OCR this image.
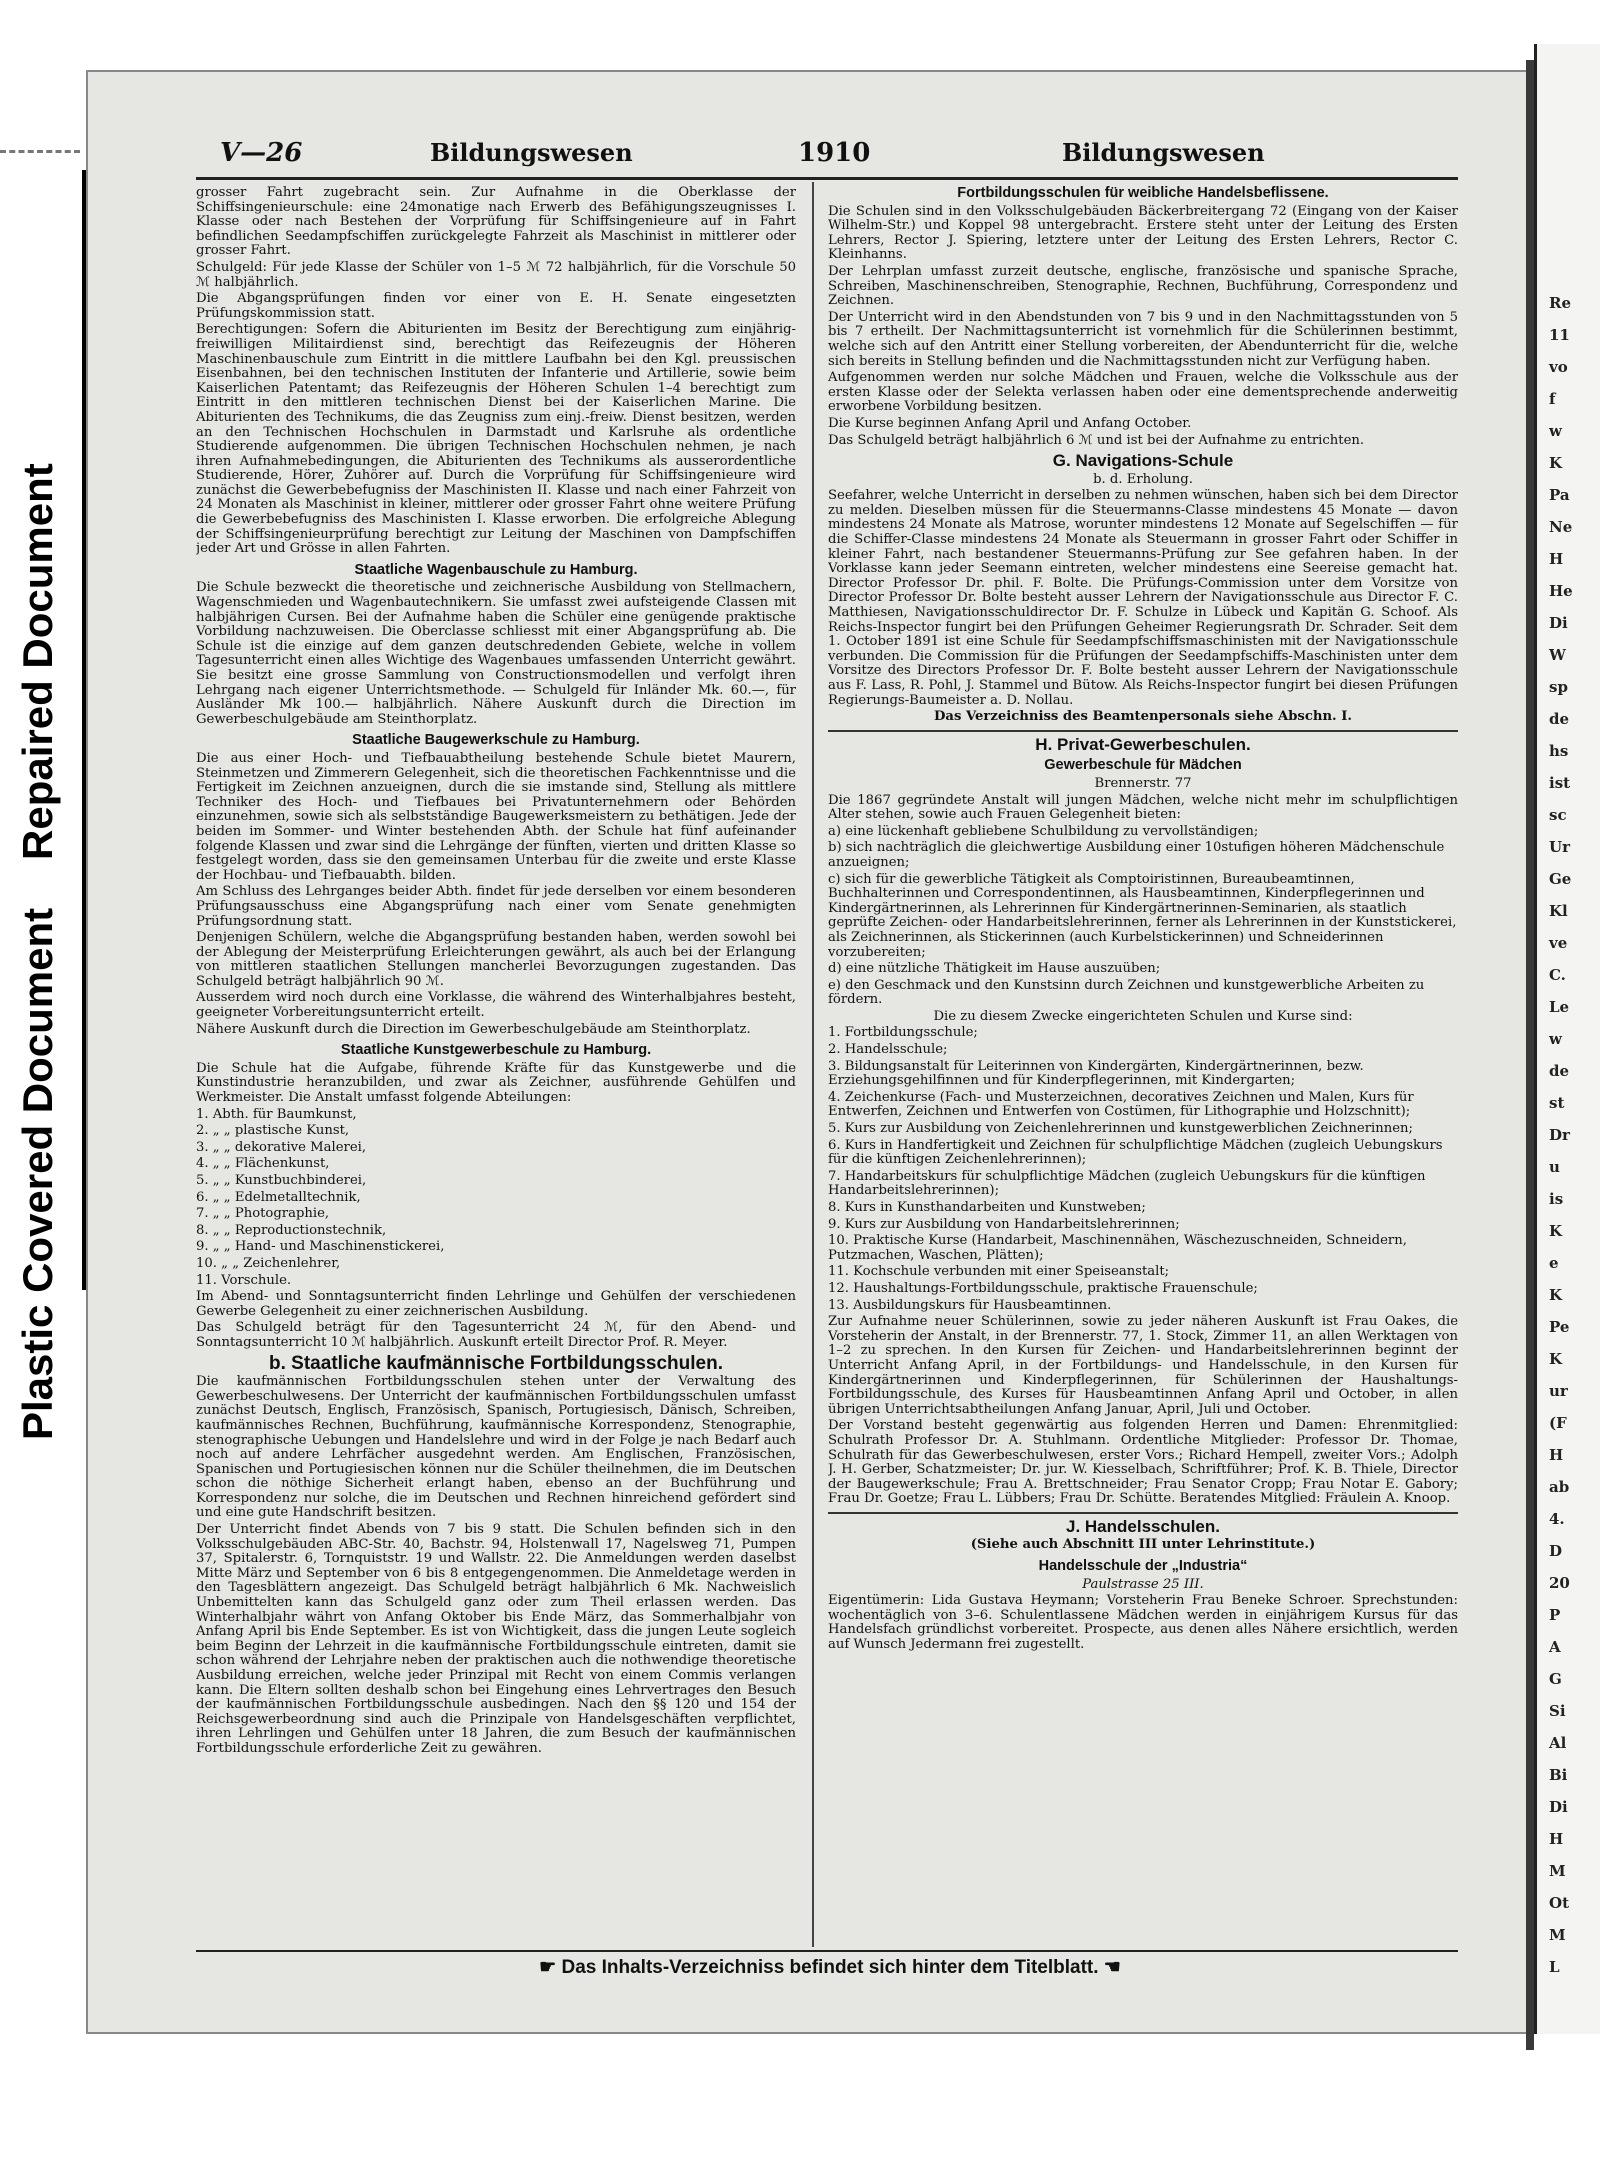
Repaired Document
Plastic Covered Document
Re
11
vo
f
w
K
Pa
Ne
H
He
Di
W
sp
de
hs
ist
sc
Ur
Ge
Kl
ve
C.
Le
w
de
st
Dr
u
is
K
e
K
Pe
K
ur
(F
H
ab
4.
D
20
P
A
G
Si
Al
Bi
Di
H
M
Ot
M
L
V—26	Bildungswesen	1910	Bildungswesen

grosser Fahrt zugebracht sein. Zur Aufnahme in die Oberklasse der Schiffsingenieurschule: eine 24monatige nach Erwerb des Befähigungszeugnisses I. Klasse oder nach Bestehen der Vorprüfung für Schiffsingenieure auf in Fahrt befindlichen Seedampfschiffen zurückgelegte Fahrzeit als Maschinist in mittlerer oder grosser Fahrt.

Schulgeld: Für jede Klasse der Schüler von 1–5 ℳ 72 halbjährlich, für die Vorschule 50 ℳ halbjährlich.

Die Abgangsprüfungen finden vor einer von E. H. Senate eingesetzten Prüfungskommission statt.

Berechtigungen: Sofern die Abiturienten im Besitz der Berechtigung zum einjährig-freiwilligen Militairdienst sind, berechtigt das Reifezeugnis der Höheren Maschinenbauschule zum Eintritt in die mittlere Laufbahn bei den Kgl. preussischen Eisenbahnen, bei den technischen Instituten der Infanterie und Artillerie, sowie beim Kaiserlichen Patentamt; das Reifezeugnis der Höheren Schulen 1–4 berechtigt zum Eintritt in den mittleren technischen Dienst bei der Kaiserlichen Marine. Die Abiturienten des Technikums, die das Zeugniss zum einj.-freiw. Dienst besitzen, werden an den Technischen Hochschulen in Darmstadt und Karlsruhe als ordentliche Studierende aufgenommen. Die übrigen Technischen Hochschulen nehmen, je nach ihren Aufnahmebedingungen, die Abiturienten des Technikums als ausserordentliche Studierende, Hörer, Zuhörer auf. Durch die Vorprüfung für Schiffsingenieure wird zunächst die Gewerbebefugniss der Maschinisten II. Klasse und nach einer Fahrzeit von 24 Monaten als Maschinist in kleiner, mittlerer oder grosser Fahrt ohne weitere Prüfung die Gewerbebefugniss des Maschinisten I. Klasse erworben. Die erfolgreiche Ablegung der Schiffsingenieurprüfung berechtigt zur Leitung der Maschinen von Dampfschiffen jeder Art und Grösse in allen Fahrten.

Staatliche Wagenbauschule zu Hamburg.

Die Schule bezweckt die theoretische und zeichnerische Ausbildung von Stellmachern, Wagenschmieden und Wagenbautechnikern. Sie umfasst zwei aufsteigende Classen mit halbjährigen Cursen. Bei der Aufnahme haben die Schüler eine genügende praktische Vorbildung nachzuweisen. Die Oberclasse schliesst mit einer Abgangsprüfung ab. Die Schule ist die einzige auf dem ganzen deutschredenden Gebiete, welche in vollem Tagesunterricht einen alles Wichtige des Wagenbaues umfassenden Unterricht gewährt. Sie besitzt eine grosse Sammlung von Constructionsmodellen und verfolgt ihren Lehrgang nach eigener Unterrichtsmethode. — Schulgeld für Inländer Mk. 60.—, für Ausländer Mk 100.— halbjährlich. Nähere Auskunft durch die Direction im Gewerbeschulgebäude am Steinthorplatz.

Staatliche Baugewerkschule zu Hamburg.

Die aus einer Hoch- und Tiefbauabtheilung bestehende Schule bietet Maurern, Steinmetzen und Zimmerern Gelegenheit, sich die theoretischen Fachkenntnisse und die Fertigkeit im Zeichnen anzueignen, durch die sie imstande sind, Stellung als mittlere Techniker des Hoch- und Tiefbaues bei Privatunternehmern oder Behörden einzunehmen, sowie sich als selbstständige Baugewerksmeistern zu bethätigen. Jede der beiden im Sommer- und Winter bestehenden Abth. der Schule hat fünf aufeinander folgende Klassen und zwar sind die Lehrgänge der fünften, vierten und dritten Klasse so festgelegt worden, dass sie den gemeinsamen Unterbau für die zweite und erste Klasse der Hochbau- und Tiefbauabth. bilden.

Am Schluss des Lehrganges beider Abth. findet für jede derselben vor einem besonderen Prüfungsausschuss eine Abgangsprüfung nach einer vom Senate genehmigten Prüfungsordnung statt.

Denjenigen Schülern, welche die Abgangsprüfung bestanden haben, werden sowohl bei der Ablegung der Meisterprüfung Erleichterungen gewährt, als auch bei der Erlangung von mittleren staatlichen Stellungen mancherlei Bevorzugungen zugestanden. Das Schulgeld beträgt halbjährlich 90 ℳ.

Ausserdem wird noch durch eine Vorklasse, die während des Winterhalbjahres besteht, geeigneter Vorbereitungsunterricht erteilt.

Nähere Auskunft durch die Direction im Gewerbeschulgebäude am Steinthorplatz.

Staatliche Kunstgewerbeschule zu Hamburg.

Die Schule hat die Aufgabe, führende Kräfte für das Kunstgewerbe und die Kunstindustrie heranzubilden, und zwar als Zeichner, ausführende Gehülfen und Werkmeister. Die Anstalt umfasst folgende Abteilungen:

1. Abth. für Baumkunst,

2. „ „ plastische Kunst,

3. „ „ dekorative Malerei,

4. „ „ Flächenkunst,

5. „ „ Kunstbuchbinderei,

6. „ „ Edelmetalltechnik,

7. „ „ Photographie,

8. „ „ Reproductionstechnik,

9. „ „ Hand- und Maschinenstickerei,

10. „ „ Zeichenlehrer,

11. Vorschule.

Im Abend- und Sonntagsunterricht finden Lehrlinge und Gehülfen der verschiedenen Gewerbe Gelegenheit zu einer zeichnerischen Ausbildung.

Das Schulgeld beträgt für den Tagesunterricht 24 ℳ, für den Abend- und Sonntagsunterricht 10 ℳ halbjährlich. Auskunft erteilt Director Prof. R. Meyer.

b. Staatliche kaufmännische Fortbildungsschulen.

Die kaufmännischen Fortbildungsschulen stehen unter der Verwaltung des Gewerbeschulwesens. Der Unterricht der kaufmännischen Fortbildungsschulen umfasst zunächst Deutsch, Englisch, Französisch, Spanisch, Portugiesisch, Dänisch, Schreiben, kaufmännisches Rechnen, Buchführung, kaufmännische Korrespondenz, Stenographie, stenographische Uebungen und Handelslehre und wird in der Folge je nach Bedarf auch noch auf andere Lehrfächer ausgedehnt werden. Am Englischen, Französischen, Spanischen und Portugiesischen können nur die Schüler theilnehmen, die im Deutschen schon die nöthige Sicherheit erlangt haben, ebenso an der Buchführung und Korrespondenz nur solche, die im Deutschen und Rechnen hinreichend gefördert sind und eine gute Handschrift besitzen.

Der Unterricht findet Abends von 7 bis 9 statt. Die Schulen befinden sich in den Volksschulgebäuden ABC-Str. 40, Bachstr. 94, Holstenwall 17, Nagelsweg 71, Pumpen 37, Spitalerstr. 6, Tornquiststr. 19 und Wallstr. 22. Die Anmeldungen werden daselbst Mitte März und September von 6 bis 8 entgegengenommen. Die Anmeldetage werden in den Tagesblättern angezeigt. Das Schulgeld beträgt halbjährlich 6 Mk. Nachweislich Unbemittelten kann das Schulgeld ganz oder zum Theil erlassen werden. Das Winterhalbjahr währt von Anfang Oktober bis Ende März, das Sommerhalbjahr von Anfang April bis Ende September. Es ist von Wichtigkeit, dass die jungen Leute sogleich beim Beginn der Lehrzeit in die kaufmännische Fortbildungsschule eintreten, damit sie schon während der Lehrjahre neben der praktischen auch die nothwendige theoretische Ausbildung erreichen, welche jeder Prinzipal mit Recht von einem Commis verlangen kann. Die Eltern sollten deshalb schon bei Eingehung eines Lehrvertrages den Besuch der kaufmännischen Fortbildungsschule ausbedingen. Nach den §§ 120 und 154 der Reichsgewerbeordnung sind auch die Prinzipale von Handelsgeschäften verpflichtet, ihren Lehrlingen und Gehülfen unter 18 Jahren, die zum Besuch der kaufmännischen Fortbildungsschule erforderliche Zeit zu gewähren.

Fortbildungsschulen für weibliche Handelsbeflissene.

Die Schulen sind in den Volksschulgebäuden Bäckerbreitergang 72 (Eingang von der Kaiser Wilhelm-Str.) und Koppel 98 untergebracht. Erstere steht unter der Leitung des Ersten Lehrers, Rector J. Spiering, letztere unter der Leitung des Ersten Lehrers, Rector C. Kleinhanns.

Der Lehrplan umfasst zurzeit deutsche, englische, französische und spanische Sprache, Schreiben, Maschinenschreiben, Stenographie, Rechnen, Buchführung, Correspondenz und Zeichnen.

Der Unterricht wird in den Abendstunden von 7 bis 9 und in den Nachmittagsstunden von 5 bis 7 ertheilt. Der Nachmittagsunterricht ist vornehmlich für die Schülerinnen bestimmt, welche sich auf den Antritt einer Stellung vorbereiten, der Abendunterricht für die, welche sich bereits in Stellung befinden und die Nachmittagsstunden nicht zur Verfügung haben.

Aufgenommen werden nur solche Mädchen und Frauen, welche die Volksschule aus der ersten Klasse oder der Selekta verlassen haben oder eine dementsprechende anderweitig erworbene Vorbildung besitzen.

Die Kurse beginnen Anfang April und Anfang October.

Das Schulgeld beträgt halbjährlich 6 ℳ und ist bei der Aufnahme zu entrichten.

G. Navigations-Schule

b. d. Erholung.

Seefahrer, welche Unterricht in derselben zu nehmen wünschen, haben sich bei dem Director zu melden. Dieselben müssen für die Steuermanns-Classe mindestens 45 Monate — davon mindestens 24 Monate als Matrose, worunter mindestens 12 Monate auf Segelschiffen — für die Schiffer-Classe mindestens 24 Monate als Steuermann in grosser Fahrt oder Schiffer in kleiner Fahrt, nach bestandener Steuermanns-Prüfung zur See gefahren haben. In der Vorklasse kann jeder Seemann eintreten, welcher mindestens eine Seereise gemacht hat. Director Professor Dr. phil. F. Bolte. Die Prüfungs-Commission unter dem Vorsitze von Director Professor Dr. Bolte besteht ausser Lehrern der Navigationsschule aus Director F. C. Matthiesen, Navigationsschuldirector Dr. F. Schulze in Lübeck und Kapitän G. Schoof. Als Reichs-Inspector fungirt bei den Prüfungen Geheimer Regierungsrath Dr. Schrader. Seit dem 1. October 1891 ist eine Schule für Seedampfschiffsmaschinisten mit der Navigationsschule verbunden. Die Commission für die Prüfungen der Seedampfschiffs-Maschinisten unter dem Vorsitze des Directors Professor Dr. F. Bolte besteht ausser Lehrern der Navigationsschule aus F. Lass, R. Pohl, J. Stammel und Bütow. Als Reichs-Inspector fungirt bei diesen Prüfungen Regierungs-Baumeister a. D. Nollau.

Das Verzeichniss des Beamtenpersonals siehe Abschn. I.

H. Privat-Gewerbeschulen.
Gewerbeschule für Mädchen

Brennerstr. 77

Die 1867 gegründete Anstalt will jungen Mädchen, welche nicht mehr im schulpflichtigen Alter stehen, sowie auch Frauen Gelegenheit bieten:

a) eine lückenhaft gebliebene Schulbildung zu vervollständigen;

b) sich nachträglich die gleichwertige Ausbildung einer 10stufigen höheren Mädchenschule anzueignen;

c) sich für die gewerbliche Tätigkeit als Comptoiristinnen, Bureaubeamtinnen, Buchhalterinnen und Correspondentinnen, als Hausbeamtinnen, Kinderpflegerinnen und Kindergärtnerinnen, als Lehrerinnen für Kindergärtnerinnen-Seminarien, als staatlich geprüfte Zeichen- oder Handarbeitslehrerinnen, ferner als Lehrerinnen in der Kunststickerei, als Zeichnerinnen, als Stickerinnen (auch Kurbelstickerinnen) und Schneiderinnen vorzubereiten;

d) eine nützliche Thätigkeit im Hause auszuüben;

e) den Geschmack und den Kunstsinn durch Zeichnen und kunstgewerbliche Arbeiten zu fördern.

Die zu diesem Zwecke eingerichteten Schulen und Kurse sind:

1. Fortbildungsschule;

2. Handelsschule;

3. Bildungsanstalt für Leiterinnen von Kindergärten, Kindergärtnerinnen, bezw. Erziehungsgehilfinnen und für Kinderpflegerinnen, mit Kindergarten;

4. Zeichenkurse (Fach- und Musterzeichnen, decoratives Zeichnen und Malen, Kurs für Entwerfen, Zeichnen und Entwerfen von Costümen, für Lithographie und Holzschnitt);

5. Kurs zur Ausbildung von Zeichenlehrerinnen und kunstgewerblichen Zeichnerinnen;

6. Kurs in Handfertigkeit und Zeichnen für schulpflichtige Mädchen (zugleich Uebungskurs für die künftigen Zeichenlehrerinnen);

7. Handarbeitskurs für schulpflichtige Mädchen (zugleich Uebungskurs für die künftigen Handarbeitslehrerinnen);

8. Kurs in Kunsthandarbeiten und Kunstweben;

9. Kurs zur Ausbildung von Handarbeitslehrerinnen;

10. Praktische Kurse (Handarbeit, Maschinennähen, Wäschezuschneiden, Schneidern, Putzmachen, Waschen, Plätten);

11. Kochschule verbunden mit einer Speiseanstalt;

12. Haushaltungs-Fortbildungsschule, praktische Frauenschule;

13. Ausbildungskurs für Hausbeamtinnen.

Zur Aufnahme neuer Schülerinnen, sowie zu jeder näheren Auskunft ist Frau Oakes, die Vorsteherin der Anstalt, in der Brennerstr. 77, 1. Stock, Zimmer 11, an allen Werktagen von 1–2 zu sprechen. In den Kursen für Zeichen- und Handarbeitslehrerinnen beginnt der Unterricht Anfang April, in der Fortbildungs- und Handelsschule, in den Kursen für Kindergärtnerinnen und Kinderpflegerinnen, für Schülerinnen der Haushaltungs-Fortbildungsschule, des Kurses für Hausbeamtinnen Anfang April und October, in allen übrigen Unterrichtsabtheilungen Anfang Januar, April, Juli und October.

Der Vorstand besteht gegenwärtig aus folgenden Herren und Damen: Ehrenmitglied: Schulrath Professor Dr. A. Stuhlmann. Ordentliche Mitglieder: Professor Dr. Thomae, Schulrath für das Gewerbeschulwesen, erster Vors.; Richard Hempell, zweiter Vors.; Adolph J. H. Gerber, Schatzmeister; Dr. jur. W. Kiesselbach, Schriftführer; Prof. K. B. Thiele, Director der Baugewerkschule; Frau A. Brettschneider; Frau Senator Cropp; Frau Notar E. Gabory; Frau Dr. Goetze; Frau L. Lübbers; Frau Dr. Schütte. Beratendes Mitglied: Fräulein A. Knoop.

J. Handelsschulen.

(Siehe auch Abschnitt III unter Lehrinstitute.)

Handelsschule der „Industria“

Paulstrasse 25 III.

Eigentümerin: Lida Gustava Heymann; Vorsteherin Frau Beneke Schroer. Sprechstunden: wochentäglich von 3–6. Schulentlassene Mädchen werden in einjährigem Kursus für das Handelsfach gründlichst vorbereitet. Prospecte, aus denen alles Nähere ersichtlich, werden auf Wunsch Jedermann frei zugestellt.

☛ Das Inhalts-Verzeichniss befindet sich hinter dem Titelblatt. ☚
